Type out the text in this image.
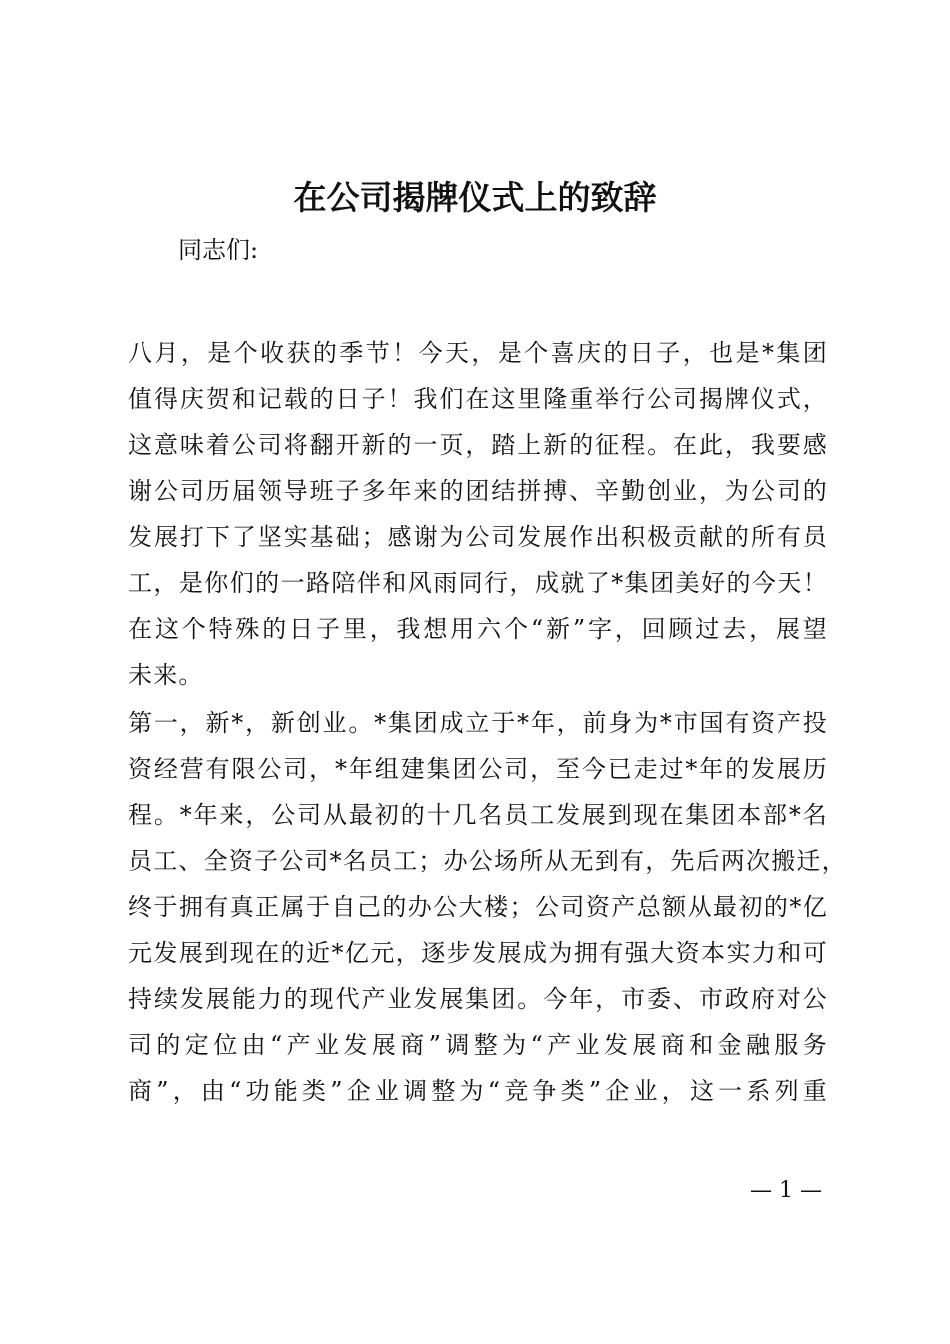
在公司揭牌仪式上的致辞
同志们:
八月，是个收获的季节！今天，是个喜庆的日子，也是*集团
值得庆贺和记载的日子！我们在这里隆重举行公司揭牌仪式，
这意味着公司将翻开新的一页，踏上新的征程。在此，我要感
谢公司历届领导班子多年来的团结拼搏、辛勤创业，为公司的
发展打下了坚实基础；感谢为公司发展作出积极贡献的所有员
工，是你们的一路陪伴和风雨同行，成就了*集团美好的今天！
在这个特殊的日子里，我想用六个“新”字，回顾过去，展望
未来。
第一，新*，新创业。*集团成立于*年，前身为*市国有资产投
资经营有限公司，*年组建集团公司，至今已走过*年的发展历
程。*年来，公司从最初的十几名员工发展到现在集团本部*名
员工、全资子公司*名员工；办公场所从无到有，先后两次搬迁，
终于拥有真正属于自己的办公大楼；公司资产总额从最初的*亿
元发展到现在的近*亿元，逐步发展成为拥有强大资本实力和可
持续发展能力的现代产业发展集团。今年，市委、市政府对公
司的定位由“产业发展商”调整为“产业发展商和金融服务
商”，由“功能类”企业调整为“竞争类”企业，这一系列重
— 1 —
